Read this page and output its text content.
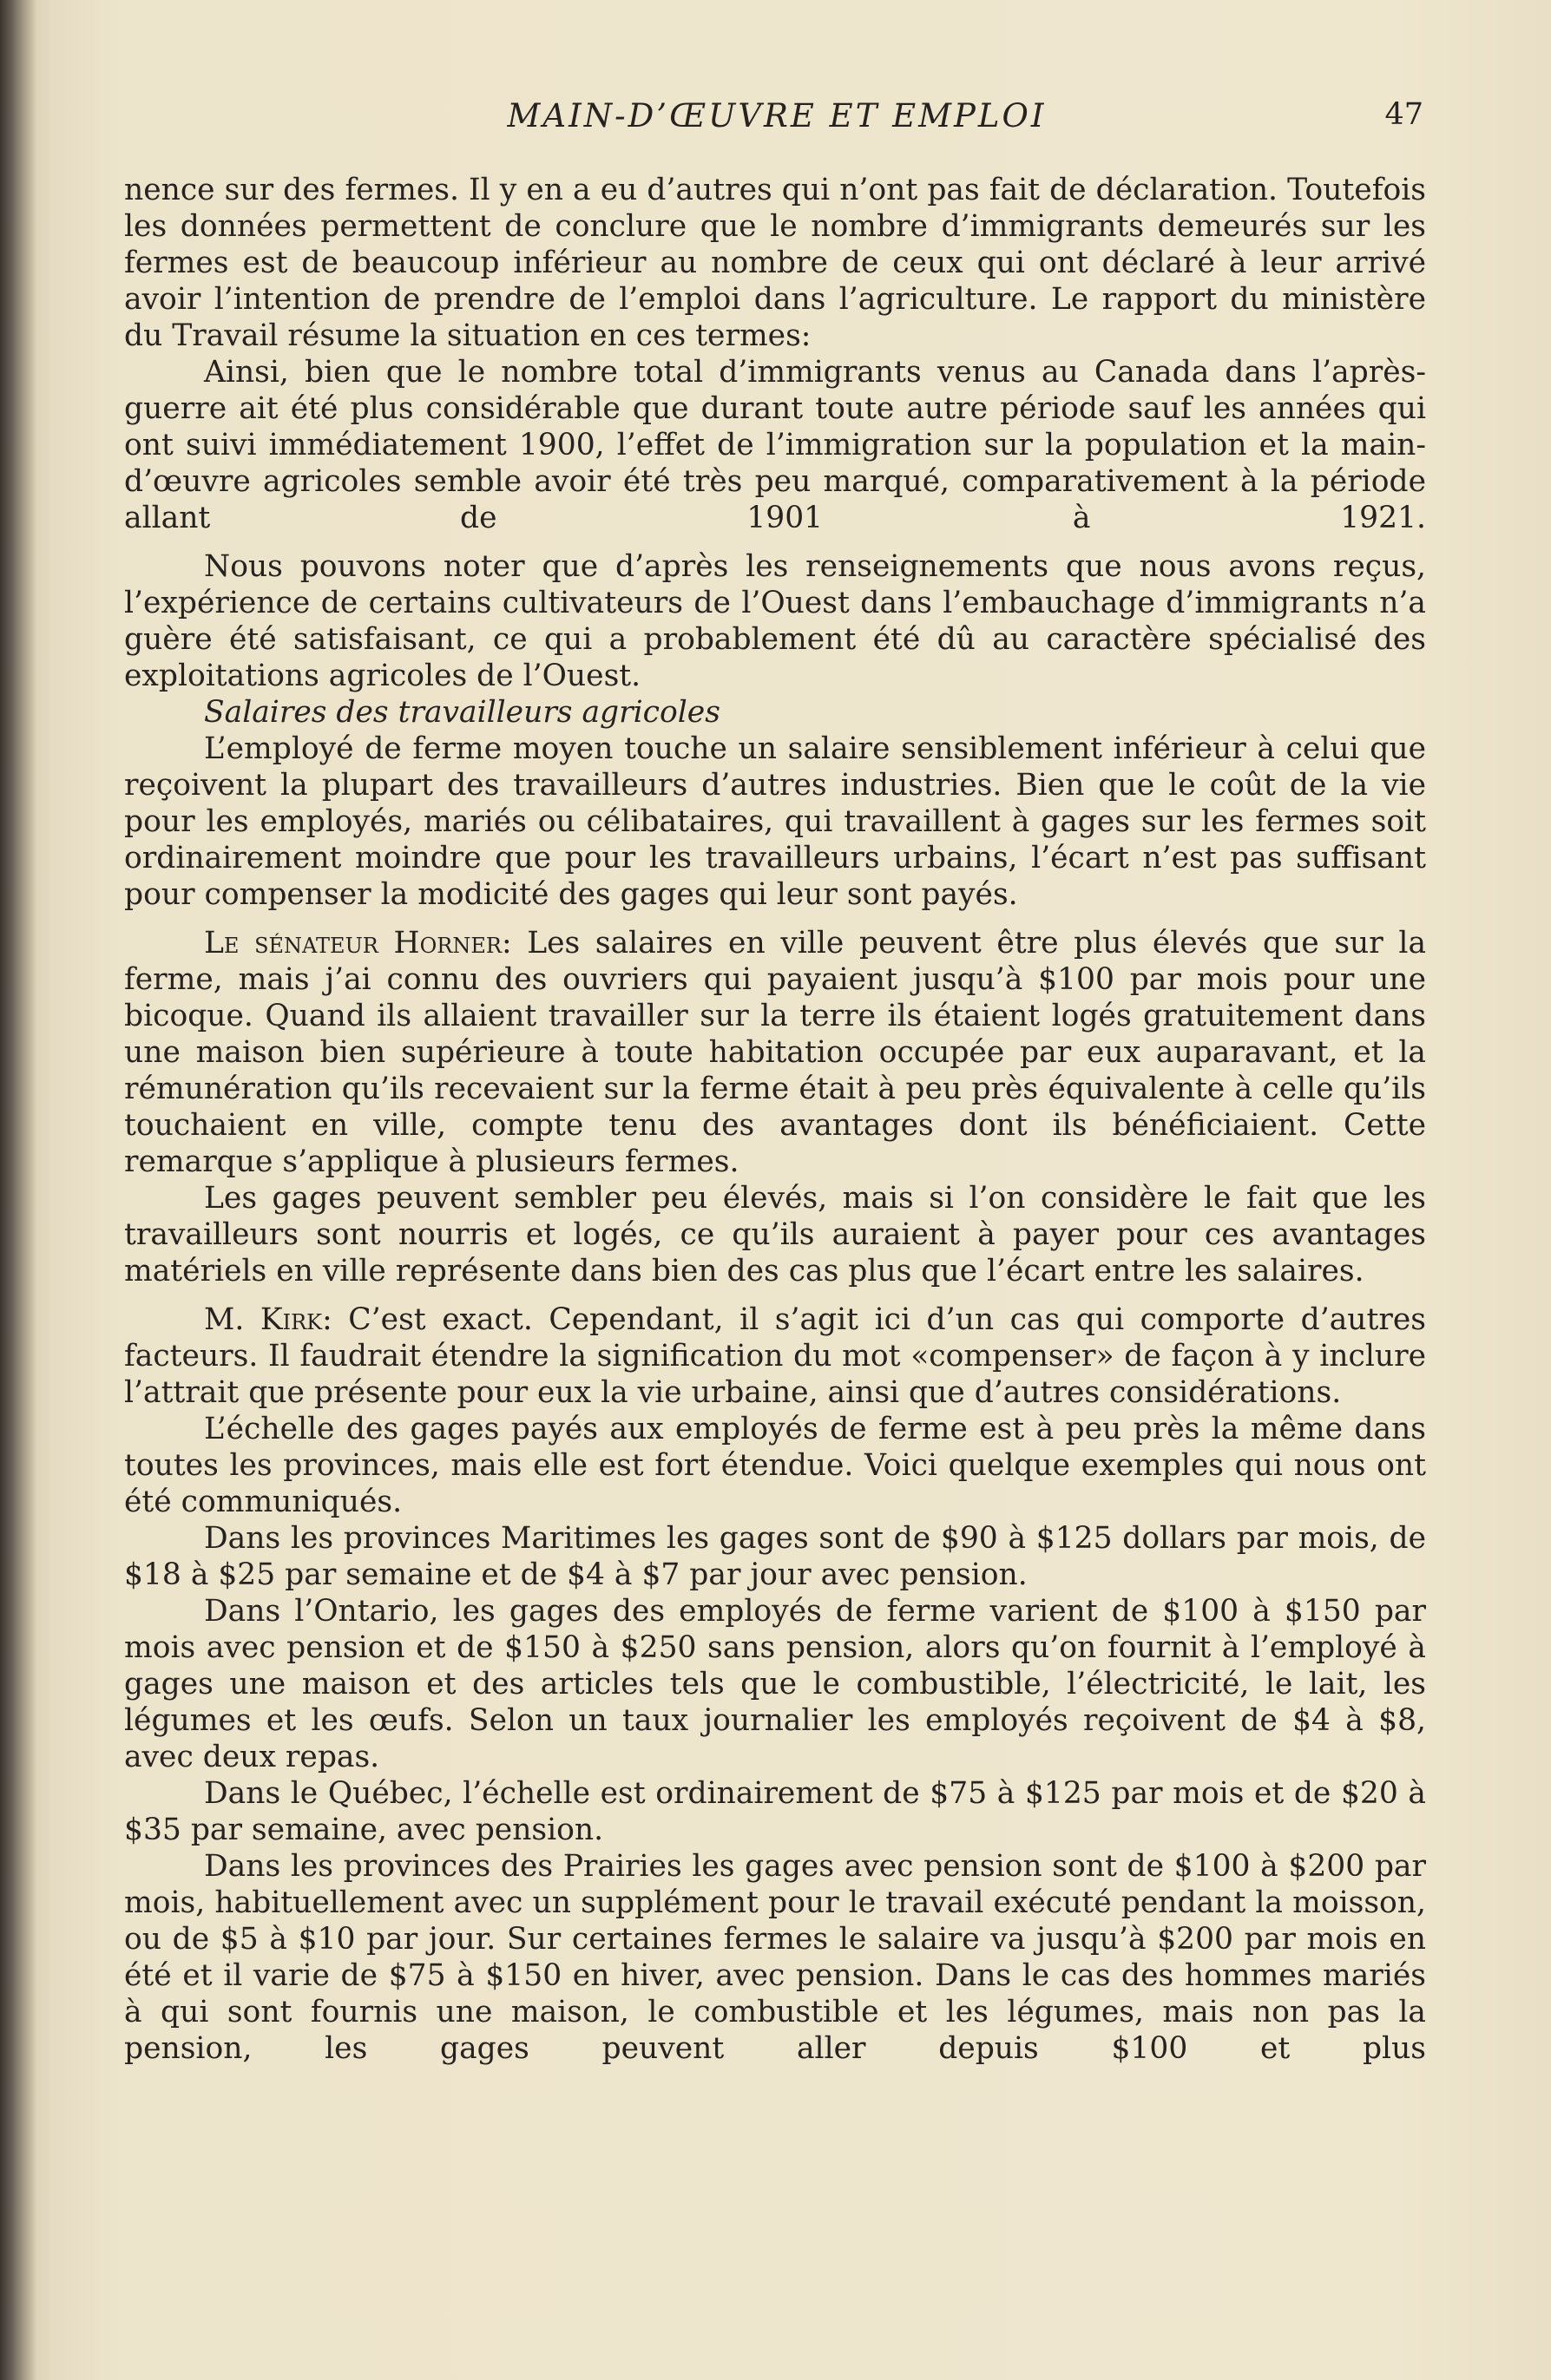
MAIN-D’ŒUVRE ET EMPLOI	47

nence sur des fermes. Il y en a eu d’autres qui n’ont pas fait de déclaration. Toutefois les données permettent de conclure que le nombre d’immigrants demeurés sur les fermes est de beaucoup inférieur au nombre de ceux qui ont déclaré à leur arrivé avoir l’intention de prendre de l’emploi dans l’agriculture. Le rapport du ministère du Travail résume la situation en ces termes:

Ainsi, bien que le nombre total d’immigrants venus au Canada dans l’après-guerre ait été plus considérable que durant toute autre période sauf les années qui ont suivi immédiatement 1900, l’effet de l’immigration sur la population et la main-d’œuvre agricoles semble avoir été très peu marqué, comparativement à la période allant de 1901 à 1921.

Nous pouvons noter que d’après les renseignements que nous avons reçus, l’expérience de certains cultivateurs de l’Ouest dans l’embauchage d’immigrants n’a guère été satisfaisant, ce qui a probablement été dû au caractère spécialisé des exploitations agricoles de l’Ouest.

Salaires des travailleurs agricoles

L’employé de ferme moyen touche un salaire sensiblement inférieur à celui que reçoivent la plupart des travailleurs d’autres industries. Bien que le coût de la vie pour les employés, mariés ou célibataires, qui travaillent à gages sur les fermes soit ordinairement moindre que pour les travailleurs urbains, l’écart n’est pas suffisant pour compenser la modicité des gages qui leur sont payés.

Le sénateur Horner: Les salaires en ville peuvent être plus élevés que sur la ferme, mais j’ai connu des ouvriers qui payaient jusqu’à $100 par mois pour une bicoque. Quand ils allaient travailler sur la terre ils étaient logés gratuitement dans une maison bien supérieure à toute habitation occupée par eux auparavant, et la rémunération qu’ils recevaient sur la ferme était à peu près équivalente à celle qu’ils touchaient en ville, compte tenu des avantages dont ils bénéficiaient. Cette remarque s’applique à plusieurs fermes.

Les gages peuvent sembler peu élevés, mais si l’on considère le fait que les travailleurs sont nourris et logés, ce qu’ils auraient à payer pour ces avantages matériels en ville représente dans bien des cas plus que l’écart entre les salaires.

M. Kirk: C’est exact. Cependant, il s’agit ici d’un cas qui comporte d’autres facteurs. Il faudrait étendre la signification du mot «compenser» de façon à y inclure l’attrait que présente pour eux la vie urbaine, ainsi que d’autres considérations.

L’échelle des gages payés aux employés de ferme est à peu près la même dans toutes les provinces, mais elle est fort étendue. Voici quelque exemples qui nous ont été communiqués.

Dans les provinces Maritimes les gages sont de $90 à $125 dollars par mois, de $18 à $25 par semaine et de $4 à $7 par jour avec pension.

Dans l’Ontario, les gages des employés de ferme varient de $100 à $150 par mois avec pension et de $150 à $250 sans pension, alors qu’on fournit à l’employé à gages une maison et des articles tels que le combustible, l’électricité, le lait, les légumes et les œufs. Selon un taux journalier les employés reçoivent de $4 à $8, avec deux repas.

Dans le Québec, l’échelle est ordinairement de $75 à $125 par mois et de $20 à $35 par semaine, avec pension.

Dans les provinces des Prairies les gages avec pension sont de $100 à $200 par mois, habituellement avec un supplément pour le travail exécuté pendant la moisson, ou de $5 à $10 par jour. Sur certaines fermes le salaire va jusqu’à $200 par mois en été et il varie de $75 à $150 en hiver, avec pension. Dans le cas des hommes mariés à qui sont fournis une maison, le combustible et les légumes, mais non pas la pension, les gages peuvent aller depuis $100 et plus
